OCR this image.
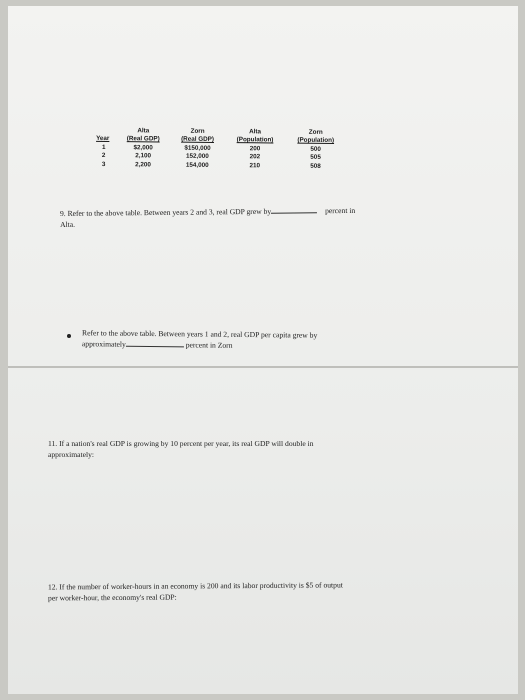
	Alta	Zorn	Alta	Zorn
Year	(Real GDP)	(Real GDP)	(Population)	(Population)
1	$2,000	$150,000	200	500
2	2,100	152,000	202	505
3	2,200	154,000	210	508
9. Refer to the above table. Between years 2 and 3, real GDP grew by	percent in
Alta.
Refer to the above table. Between years 1 and 2, real GDP per capita grew by
approximately	percent in Zorn
11. If a nation's real GDP is growing by 10 percent per year, its real GDP will double in
approximately:
12. If the number of worker-hours in an economy is 200 and its labor productivity is $5 of output
per worker-hour, the economy's real GDP:
